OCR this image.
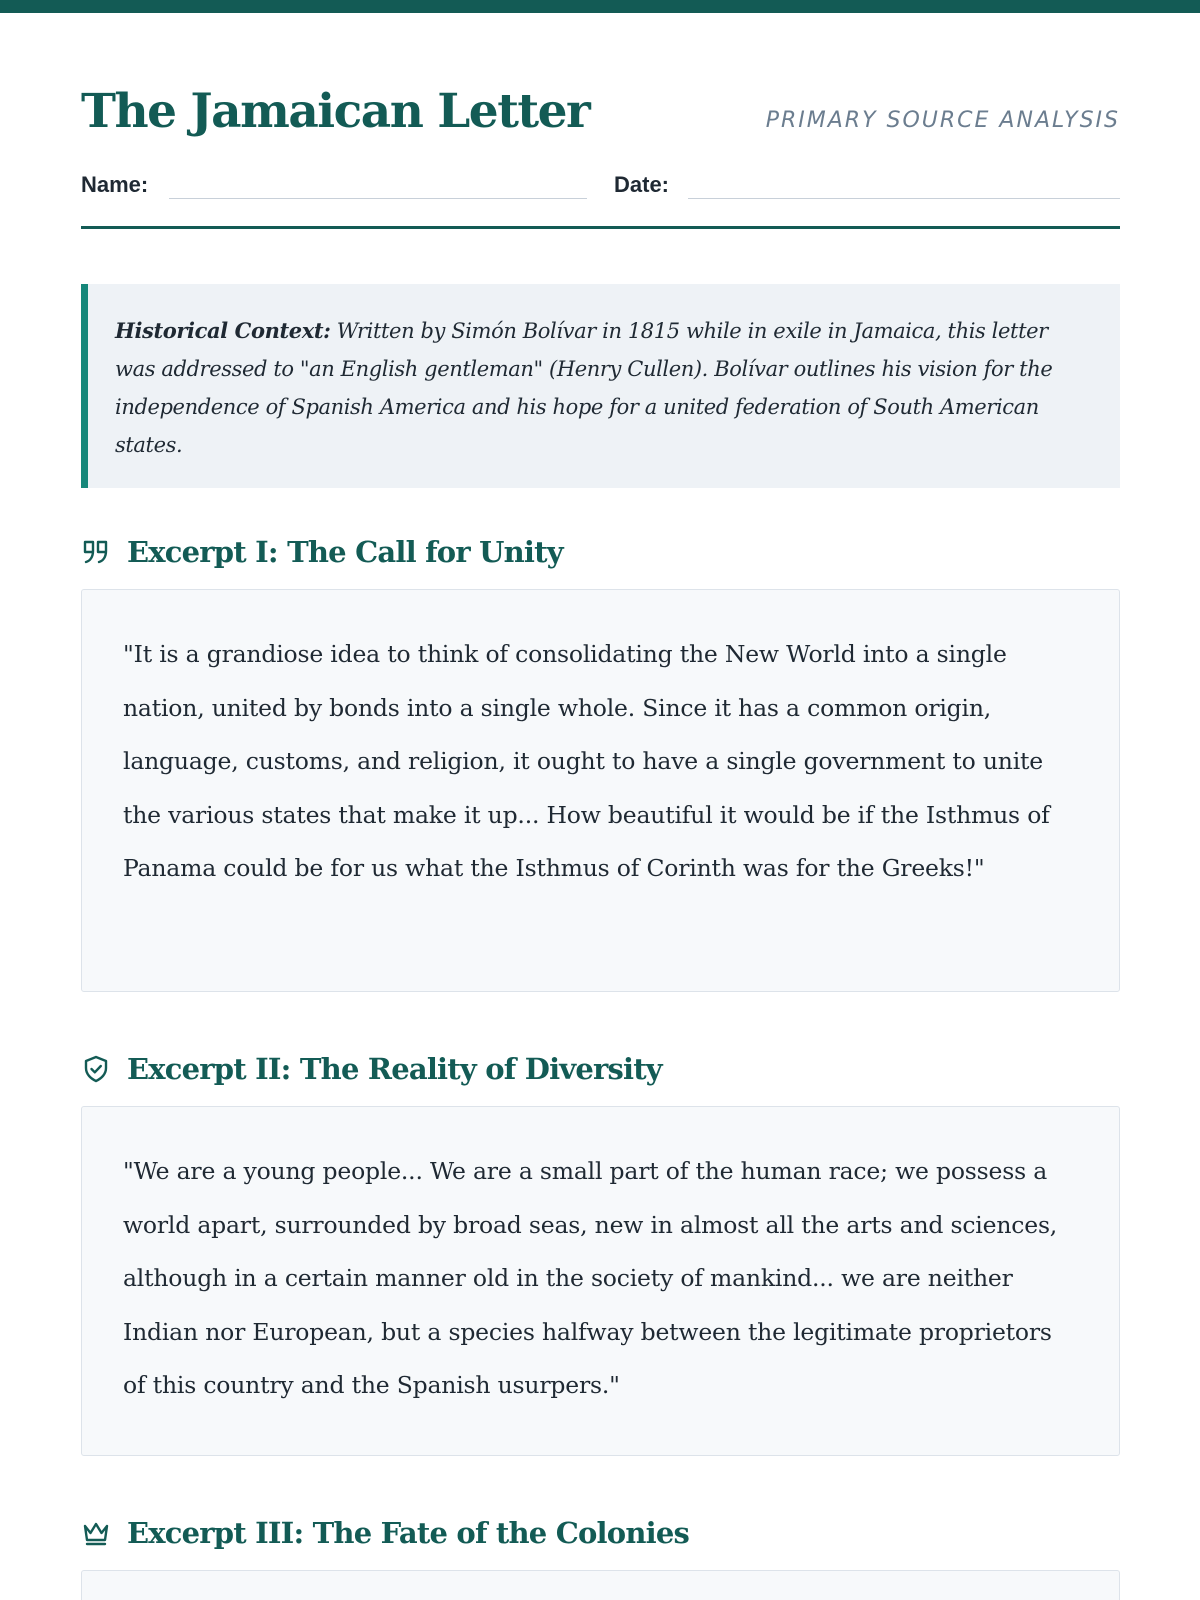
The Jamaican Letter	PRIMARY SOURCE ANALYSIS
Name:	Date:
Historical Context: Written by Simón Bolívar in 1815 while in exile in Jamaica, this letter was addressed to "an English gentleman" (Henry Cullen). Bolívar outlines his vision for the independence of Spanish America and his hope for a united federation of South American states.
Excerpt I: The Call for Unity
"It is a grandiose idea to think of consolidating the New World into a single nation, united by bonds into a single whole. Since it has a common origin, language, customs, and religion, it ought to have a single government to unite the various states that make it up... How beautiful it would be if the Isthmus of Panama could be for us what the Isthmus of Corinth was for the Greeks!"
Excerpt II: The Reality of Diversity
"We are a young people... We are a small part of the human race; we possess a world apart, surrounded by broad seas, new in almost all the arts and sciences, although in a certain manner old in the society of mankind... we are neither Indian nor European, but a species halfway between the legitimate proprietors of this country and the Spanish usurpers."
Excerpt III: The Fate of the Colonies
